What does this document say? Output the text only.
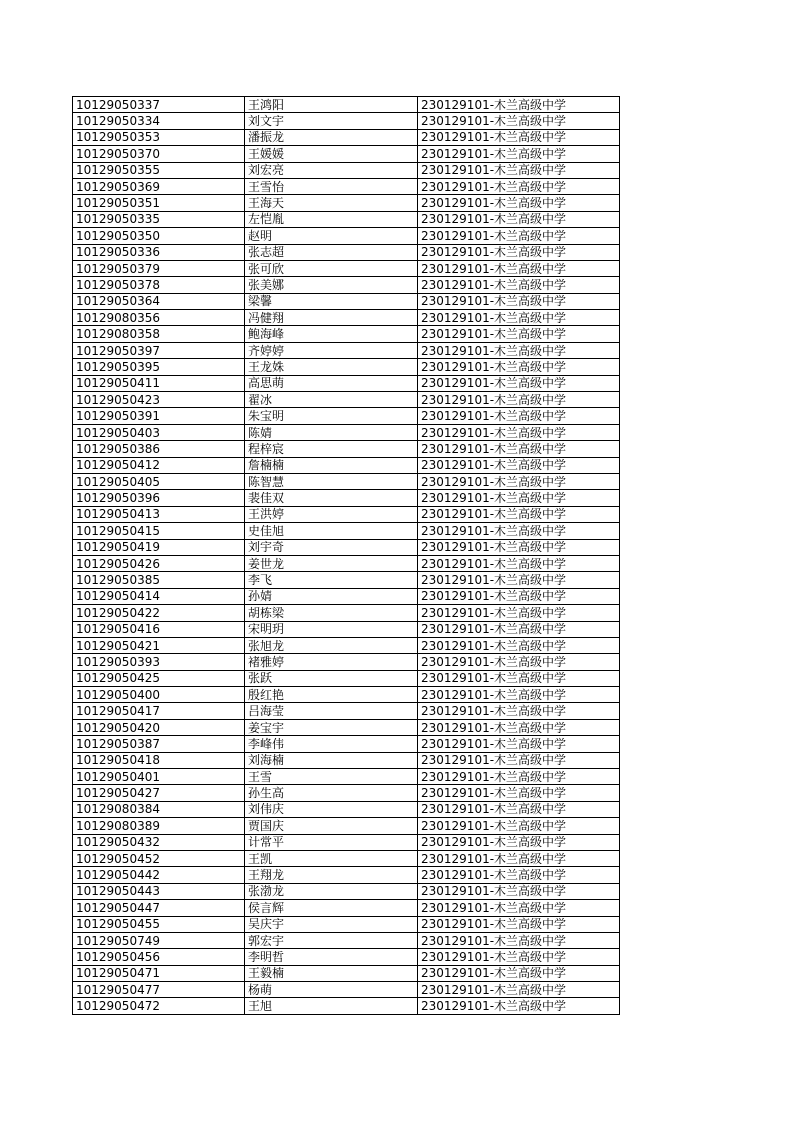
10129050337	王鸿阳	230129101-木兰高级中学
10129050334	刘文宇	230129101-木兰高级中学
10129050353	潘振龙	230129101-木兰高级中学
10129050370	王媛媛	230129101-木兰高级中学
10129050355	刘宏亮	230129101-木兰高级中学
10129050369	王雪怡	230129101-木兰高级中学
10129050351	王海天	230129101-木兰高级中学
10129050335	左恺胤	230129101-木兰高级中学
10129050350	赵明	230129101-木兰高级中学
10129050336	张志超	230129101-木兰高级中学
10129050379	张可欣	230129101-木兰高级中学
10129050378	张美娜	230129101-木兰高级中学
10129050364	梁馨	230129101-木兰高级中学
10129080356	冯健翔	230129101-木兰高级中学
10129080358	鲍海峰	230129101-木兰高级中学
10129050397	齐婷婷	230129101-木兰高级中学
10129050395	王龙姝	230129101-木兰高级中学
10129050411	高思萌	230129101-木兰高级中学
10129050423	翟冰	230129101-木兰高级中学
10129050391	朱宝明	230129101-木兰高级中学
10129050403	陈婧	230129101-木兰高级中学
10129050386	程梓宸	230129101-木兰高级中学
10129050412	詹楠楠	230129101-木兰高级中学
10129050405	陈智慧	230129101-木兰高级中学
10129050396	裴佳双	230129101-木兰高级中学
10129050413	王洪婷	230129101-木兰高级中学
10129050415	史佳旭	230129101-木兰高级中学
10129050419	刘宇奇	230129101-木兰高级中学
10129050426	姜世龙	230129101-木兰高级中学
10129050385	李飞	230129101-木兰高级中学
10129050414	孙婧	230129101-木兰高级中学
10129050422	胡栋梁	230129101-木兰高级中学
10129050416	宋明玥	230129101-木兰高级中学
10129050421	张旭龙	230129101-木兰高级中学
10129050393	褚雅婷	230129101-木兰高级中学
10129050425	张跃	230129101-木兰高级中学
10129050400	殷红艳	230129101-木兰高级中学
10129050417	吕海莹	230129101-木兰高级中学
10129050420	姜宝宇	230129101-木兰高级中学
10129050387	李峰伟	230129101-木兰高级中学
10129050418	刘海楠	230129101-木兰高级中学
10129050401	王雪	230129101-木兰高级中学
10129050427	孙生高	230129101-木兰高级中学
10129080384	刘伟庆	230129101-木兰高级中学
10129080389	贾国庆	230129101-木兰高级中学
10129050432	计常平	230129101-木兰高级中学
10129050452	王凯	230129101-木兰高级中学
10129050442	王翔龙	230129101-木兰高级中学
10129050443	张渤龙	230129101-木兰高级中学
10129050447	侯言辉	230129101-木兰高级中学
10129050455	吴庆宇	230129101-木兰高级中学
10129050749	郭宏宇	230129101-木兰高级中学
10129050456	李明哲	230129101-木兰高级中学
10129050471	王毅楠	230129101-木兰高级中学
10129050477	杨萌	230129101-木兰高级中学
10129050472	王旭	230129101-木兰高级中学
